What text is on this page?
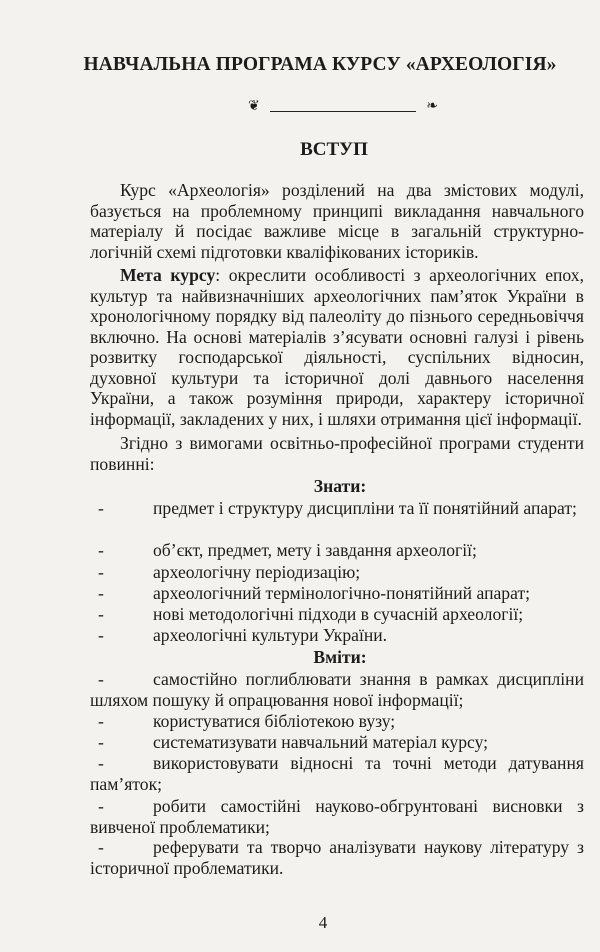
НАВЧАЛЬНА ПРОГРАМА КУРСУ «АРХЕОЛОГІЯ»
❦	❧
ВСТУП

Курс «Археологія» розділений на два змістових модулі, базується на проблемному принципі викладання навчального матеріалу й посідає важливе місце в загальній структурно-логічній схемі підготовки кваліфікованих істориків.

Мета курсу: окреслити особливості з археологічних епох, культур та найвизначніших археологічних пам’яток України в хронологічному порядку від палеоліту до пізнього середньовіччя включно. На основі матеріалів з’ясувати основні галузі і рівень розвитку господарської діяльності, суспільних відносин, духовної культури та історичної долі давнього населення України, а також розуміння природи, характеру історичної інформації, закладених у них, і шляхи отримання цієї інформації.

Згідно з вимогами освітньо-професійної програми студенти повинні:

Знати:
-	предмет і структуру дисципліни та її понятійний апарат;
-	об’єкт, предмет, мету і завдання археології;
-	археологічну періодизацію;
-	археологічний термінологічно-понятійний апарат;
-	нові методологічні підходи в сучасній археології;
-	археологічні культури України.
Вміти:
-	самостійно поглиблювати знання в рамках дисципліни шляхом пошуку й опрацювання нової інформації;
-	користуватися бібліотекою вузу;
-	систематизувати навчальний матеріал курсу;
-	використовувати відносні та точні методи датування пам’яток;
-	робити самостійні науково-обгрунтовані висновки з вивченої проблематики;
-	реферувати та творчо аналізувати наукову літературу з історичної проблематики.
4
